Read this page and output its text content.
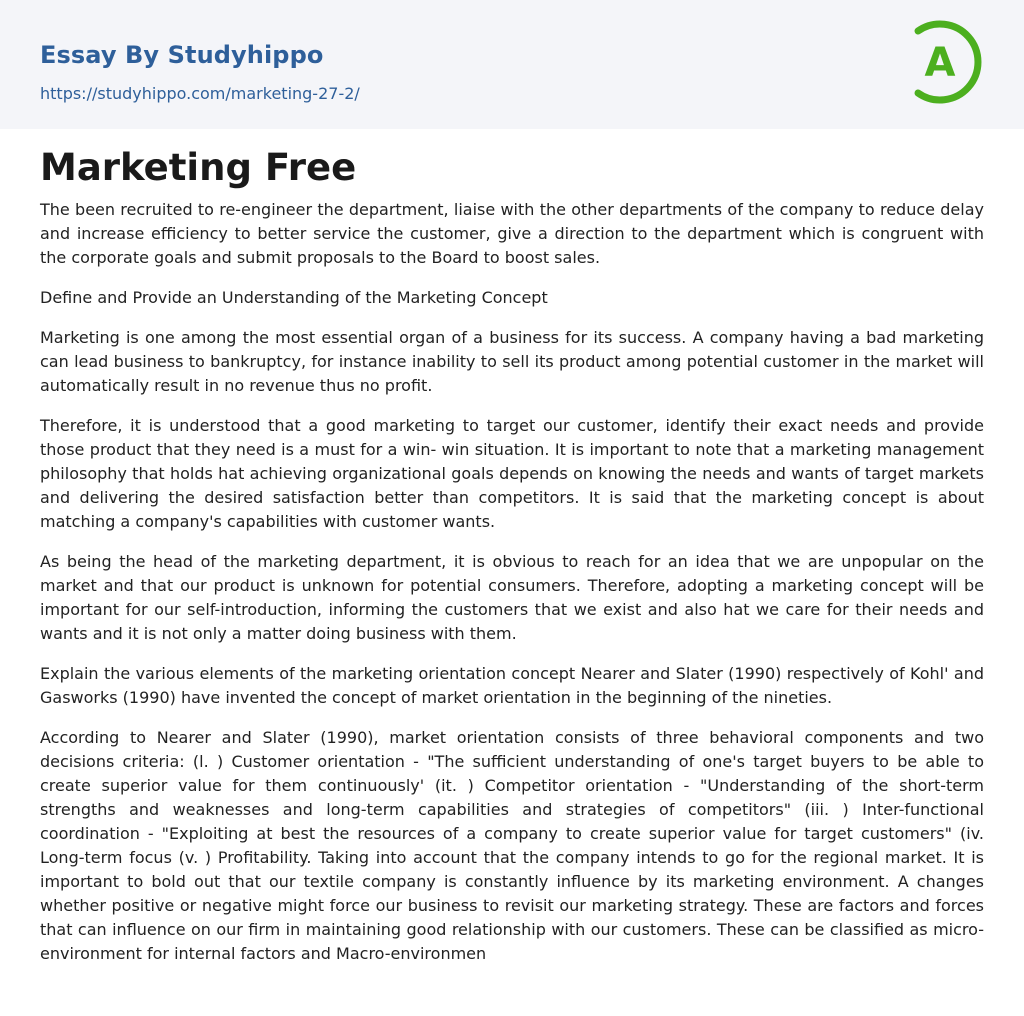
Essay By Studyhippo
https://studyhippo.com/marketing-27-2/
A
Marketing Free

The been recruited to re-engineer the department, liaise with the other departments of the company to reduce delay and increase efficiency to better service the customer, give a direction to the department which is congruent with the corporate goals and submit proposals to the Board to boost sales.

Define and Provide an Understanding of the Marketing Concept

Marketing is one among the most essential organ of a business for its success. A company having a bad marketing can lead business to bankruptcy, for instance inability to sell its product among potential customer in the market will automatically result in no revenue thus no profit.

Therefore, it is understood that a good marketing to target our customer, identify their exact needs and provide those product that they need is a must for a win- win situation. It is important to note that a marketing management philosophy that holds hat achieving organizational goals depends on knowing the needs and wants of target markets and delivering the desired satisfaction better than competitors. It is said that the marketing concept is about matching a company's capabilities with customer wants.

As being the head of the marketing department, it is obvious to reach for an idea that we are unpopular on the market and that our product is unknown for potential consumers. Therefore, adopting a marketing concept will be important for our self-introduction, informing the customers that we exist and also hat we care for their needs and wants and it is not only a matter doing business with them.

Explain the various elements of the marketing orientation concept Nearer and Slater (1990) respectively of Kohl' and Gasworks (1990) have invented the concept of market orientation in the beginning of the nineties.

According to Nearer and Slater (1990), market orientation consists of three behavioral components and two decisions criteria: (l. ) Customer orientation - "The sufficient understanding of one's target buyers to be able to create superior value for them continuously' (it. ) Competitor orientation - "Understanding of the short-term strengths and weaknesses and long-term capabilities and strategies of competitors" (iii. ) Inter-functional coordination - "Exploiting at best the resources of a company to create superior value for target customers" (iv. Long-term focus (v. ) Profitability. Taking into account that the company intends to go for the regional market. It is important to bold out that our textile company is constantly influence by its marketing environment. A changes whether positive or negative might force our business to revisit our marketing strategy. These are factors and forces that can influence on our firm in maintaining good relationship with our customers. These can be classified as micro-environment for internal factors and Macro-environmen
